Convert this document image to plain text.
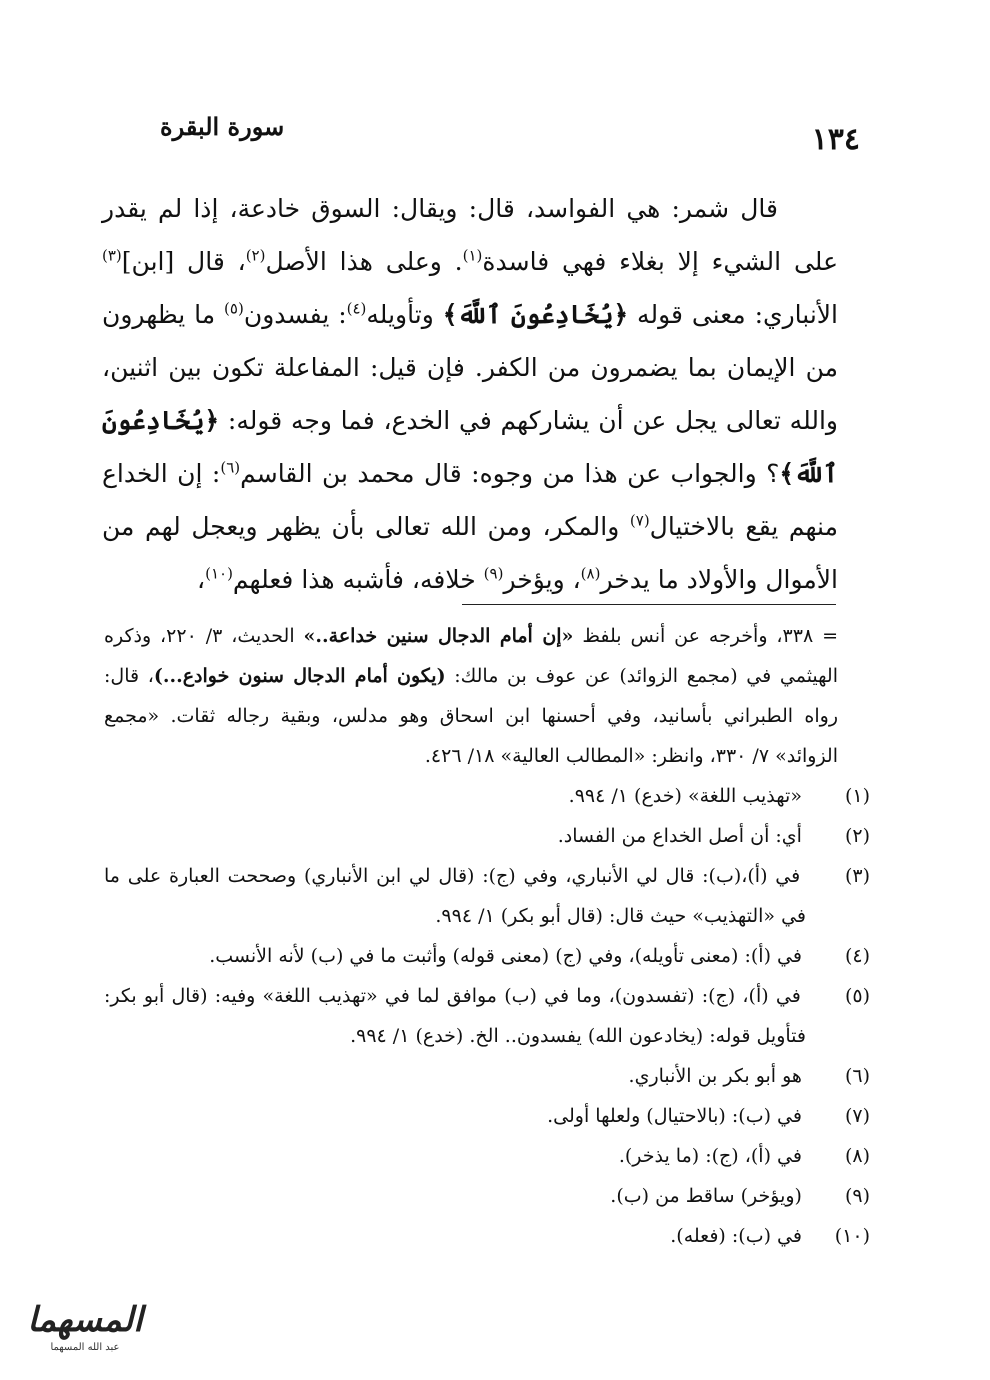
١٣٤
سورة البقرة

قال شمر: هي الفواسد، قال: ويقال: السوق خادعة، إذا لم يقدر على الشيء إلا بغلاء فهي فاسدة$^{(١)}$. وعلى هذا الأصل$^{(٢)}$، قال [ابن]$^{(٣)}$ الأنباري: معنى قوله ﴿يُخَادِعُونَ ٱللَّهَ﴾ وتأويله$^{(٤)}$: يفسدون$^{(٥)}$ ما يظهرون من الإيمان بما يضمرون من الكفر. فإن قيل: المفاعلة تكون بين اثنين، والله تعالى يجل عن أن يشاركهم في الخدع، فما وجه قوله: ﴿يُخَادِعُونَ ٱللَّهَ﴾؟ والجواب عن هذا من وجوه: قال محمد بن القاسم$^{(٦)}$: إن الخداع منهم يقع بالاختيال$^{(٧)}$ والمكر، ومن الله تعالى بأن يظهر ويعجل لهم من الأموال والأولاد ما يدخر$^{(٨)}$، ويؤخر$^{(٩)}$ خلافه، فأشبه هذا فعلهم$^{(١٠)}$،

= ٣٣٨، وأخرجه عن أنس بلفظ «إن أمام الدجال سنين خداعة..» الحديث، ٣/ ٢٢٠، وذكره الهيثمي في (مجمع الزوائد) عن عوف بن مالك: (يكون أمام الدجال سنون خوادع...)، قال: رواه الطبراني بأسانيد، وفي أحسنها ابن اسحاق وهو مدلس، وبقية رجاله ثقات. «مجمع الزوائد» ٧/ ٣٣٠، وانظر: «المطالب العالية» ١٨/ ٤٢٦.
(١) «تهذيب اللغة» (خدع) ١/ ٩٩٤.
(٢) أي: أن أصل الخداع من الفساد.
(٣) في (أ)،(ب): قال لي الأنباري، وفي (ج): (قال لي ابن الأنباري) وصححت العبارة على ما في «التهذيب» حيث قال: (قال أبو بكر) ١/ ٩٩٤.
(٤) في (أ): (معنى تأويله)، وفي (ج) (معنى قوله) وأثبت ما في (ب) لأنه الأنسب.
(٥) في (أ)، (ج): (تفسدون)، وما في (ب) موافق لما في «تهذيب اللغة» وفيه: (قال أبو بكر: فتأويل قوله: (يخادعون الله) يفسدون.. الخ. (خدع) ١/ ٩٩٤.
(٦) هو أبو بكر بن الأنباري.
(٧) في (ب): (بالاحتيال) ولعلها أولى.
(٨) في (أ)، (ج): (ما يذخر).
(٩) (ويؤخر) ساقط من (ب).
(١٠) في (ب): (فعله).
المسهما
عبد الله المسهما
